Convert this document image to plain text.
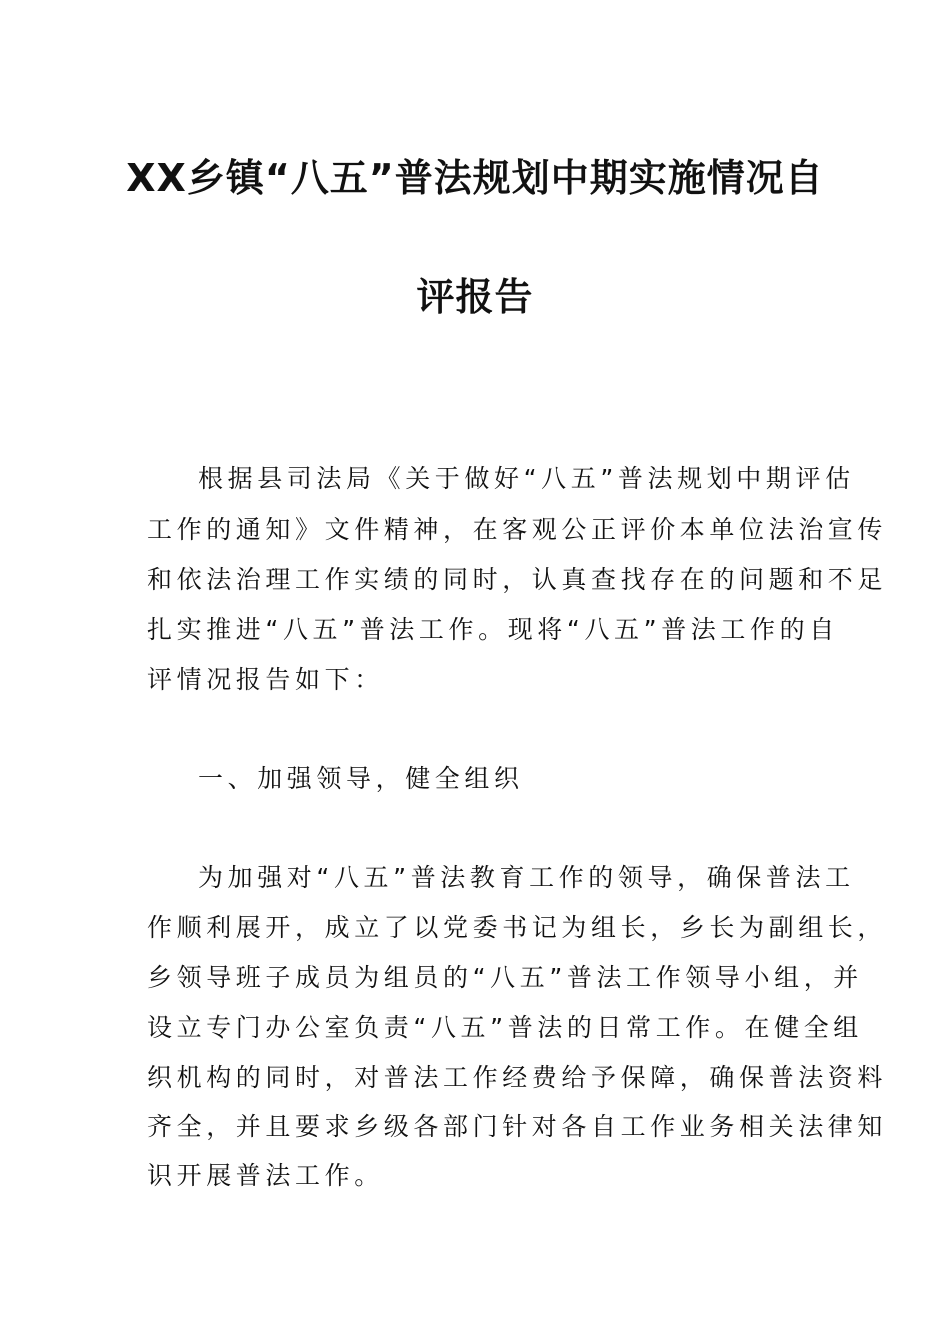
XX乡镇“八五”普法规划中期实施情况自
评报告
根据县司法局《关于做好“八五”普法规划中期评估
工作的通知》文件精神，在客观公正评价本单位法治宣传
和依法治理工作实绩的同时，认真查找存在的问题和不足
扎实推进“八五”普法工作。现将“八五”普法工作的自
评情况报告如下：
一、加强领导，健全组织
为加强对“八五”普法教育工作的领导，确保普法工
作顺利展开，成立了以党委书记为组长，乡长为副组长，
乡领导班子成员为组员的“八五”普法工作领导小组，并
设立专门办公室负责“八五”普法的日常工作。在健全组
织机构的同时，对普法工作经费给予保障，确保普法资料
齐全，并且要求乡级各部门针对各自工作业务相关法律知
识开展普法工作。
